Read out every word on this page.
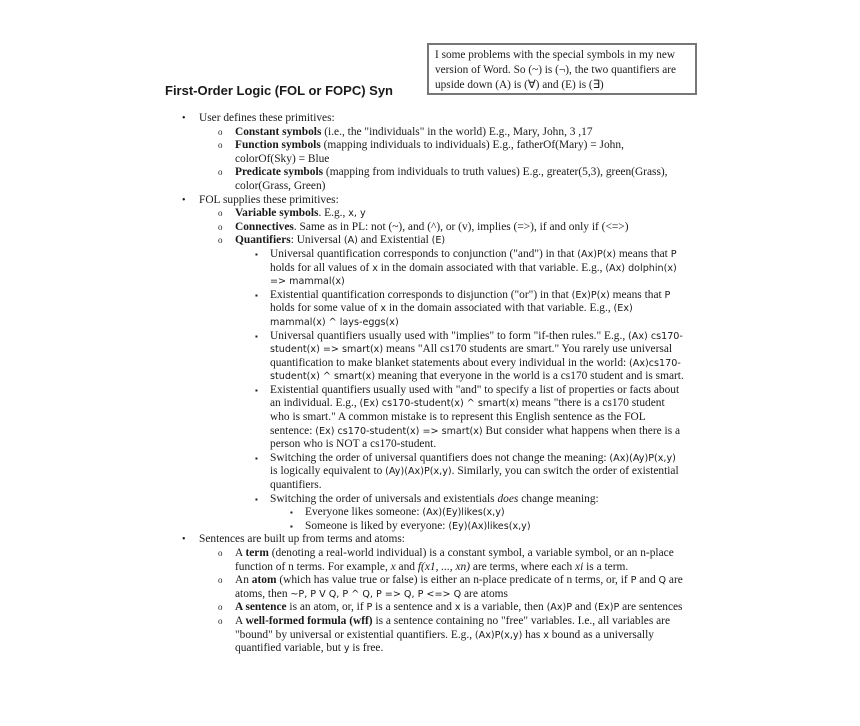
First-Order Logic (FOL or FOPC) Syn
I some problems with the special symbols in my new version of Word. So (~) is (¬), the two quantifiers are upside down (A) is (∀) and (E) is (∃)
• User defines these primitives:
o Constant symbols (i.e., the "individuals" in the world) E.g., Mary, John, 3 ,17
o Function symbols (mapping individuals to individuals) E.g., fatherOf(Mary) = John, colorOf(Sky) = Blue
o Predicate symbols (mapping from individuals to truth values) E.g., greater(5,3), green(Grass), color(Grass, Green)
• FOL supplies these primitives:
o Variable symbols. E.g., x, y
o Connectives. Same as in PL: not (~), and (^), or (v), implies (=>), if and only if (<=>)
o Quantifiers: Universal (A) and Existential (E)
▪ Universal quantification corresponds to conjunction ("and") in that (Ax)P(x) means that P holds for all values of x in the domain associated with that variable. E.g., (Ax) dolphin(x) => mammal(x)
▪ Existential quantification corresponds to disjunction ("or") in that (Ex)P(x) means that P holds for some value of x in the domain associated with that variable. E.g., (Ex) mammal(x) ^ lays-eggs(x)
▪ Universal quantifiers usually used with "implies" to form "if-then rules." E.g., (Ax) cs170-student(x) => smart(x) means "All cs170 students are smart." You rarely use universal quantification to make blanket statements about every individual in the world: (Ax)cs170-student(x) ^ smart(x) meaning that everyone in the world is a cs170 student and is smart.
▪ Existential quantifiers usually used with "and" to specify a list of properties or facts about an individual. E.g., (Ex) cs170-student(x) ^ smart(x) means "there is a cs170 student who is smart." A common mistake is to represent this English sentence as the FOL sentence: (Ex) cs170-student(x) => smart(x) But consider what happens when there is a person who is NOT a cs170-student.
▪ Switching the order of universal quantifiers does not change the meaning: (Ax)(Ay)P(x,y) is logically equivalent to (Ay)(Ax)P(x,y). Similarly, you can switch the order of existential quantifiers.
▪ Switching the order of universals and existentials does change meaning:
▪ Everyone likes someone: (Ax)(Ey)likes(x,y)
▪ Someone is liked by everyone: (Ey)(Ax)likes(x,y)
• Sentences are built up from terms and atoms:
o A term (denoting a real-world individual) is a constant symbol, a variable symbol, or an n-place function of n terms. For example, x and f(x1, ..., xn) are terms, where each xi is a term.
o An atom (which has value true or false) is either an n-place predicate of n terms, or, if P and Q are atoms, then ~P, P V Q, P ^ Q, P => Q, P <=> Q are atoms
o A sentence is an atom, or, if P is a sentence and x is a variable, then (Ax)P and (Ex)P are sentences
o A well-formed formula (wff) is a sentence containing no "free" variables. I.e., all variables are "bound" by universal or existential quantifiers. E.g., (Ax)P(x,y) has x bound as a universally quantified variable, but y is free.
